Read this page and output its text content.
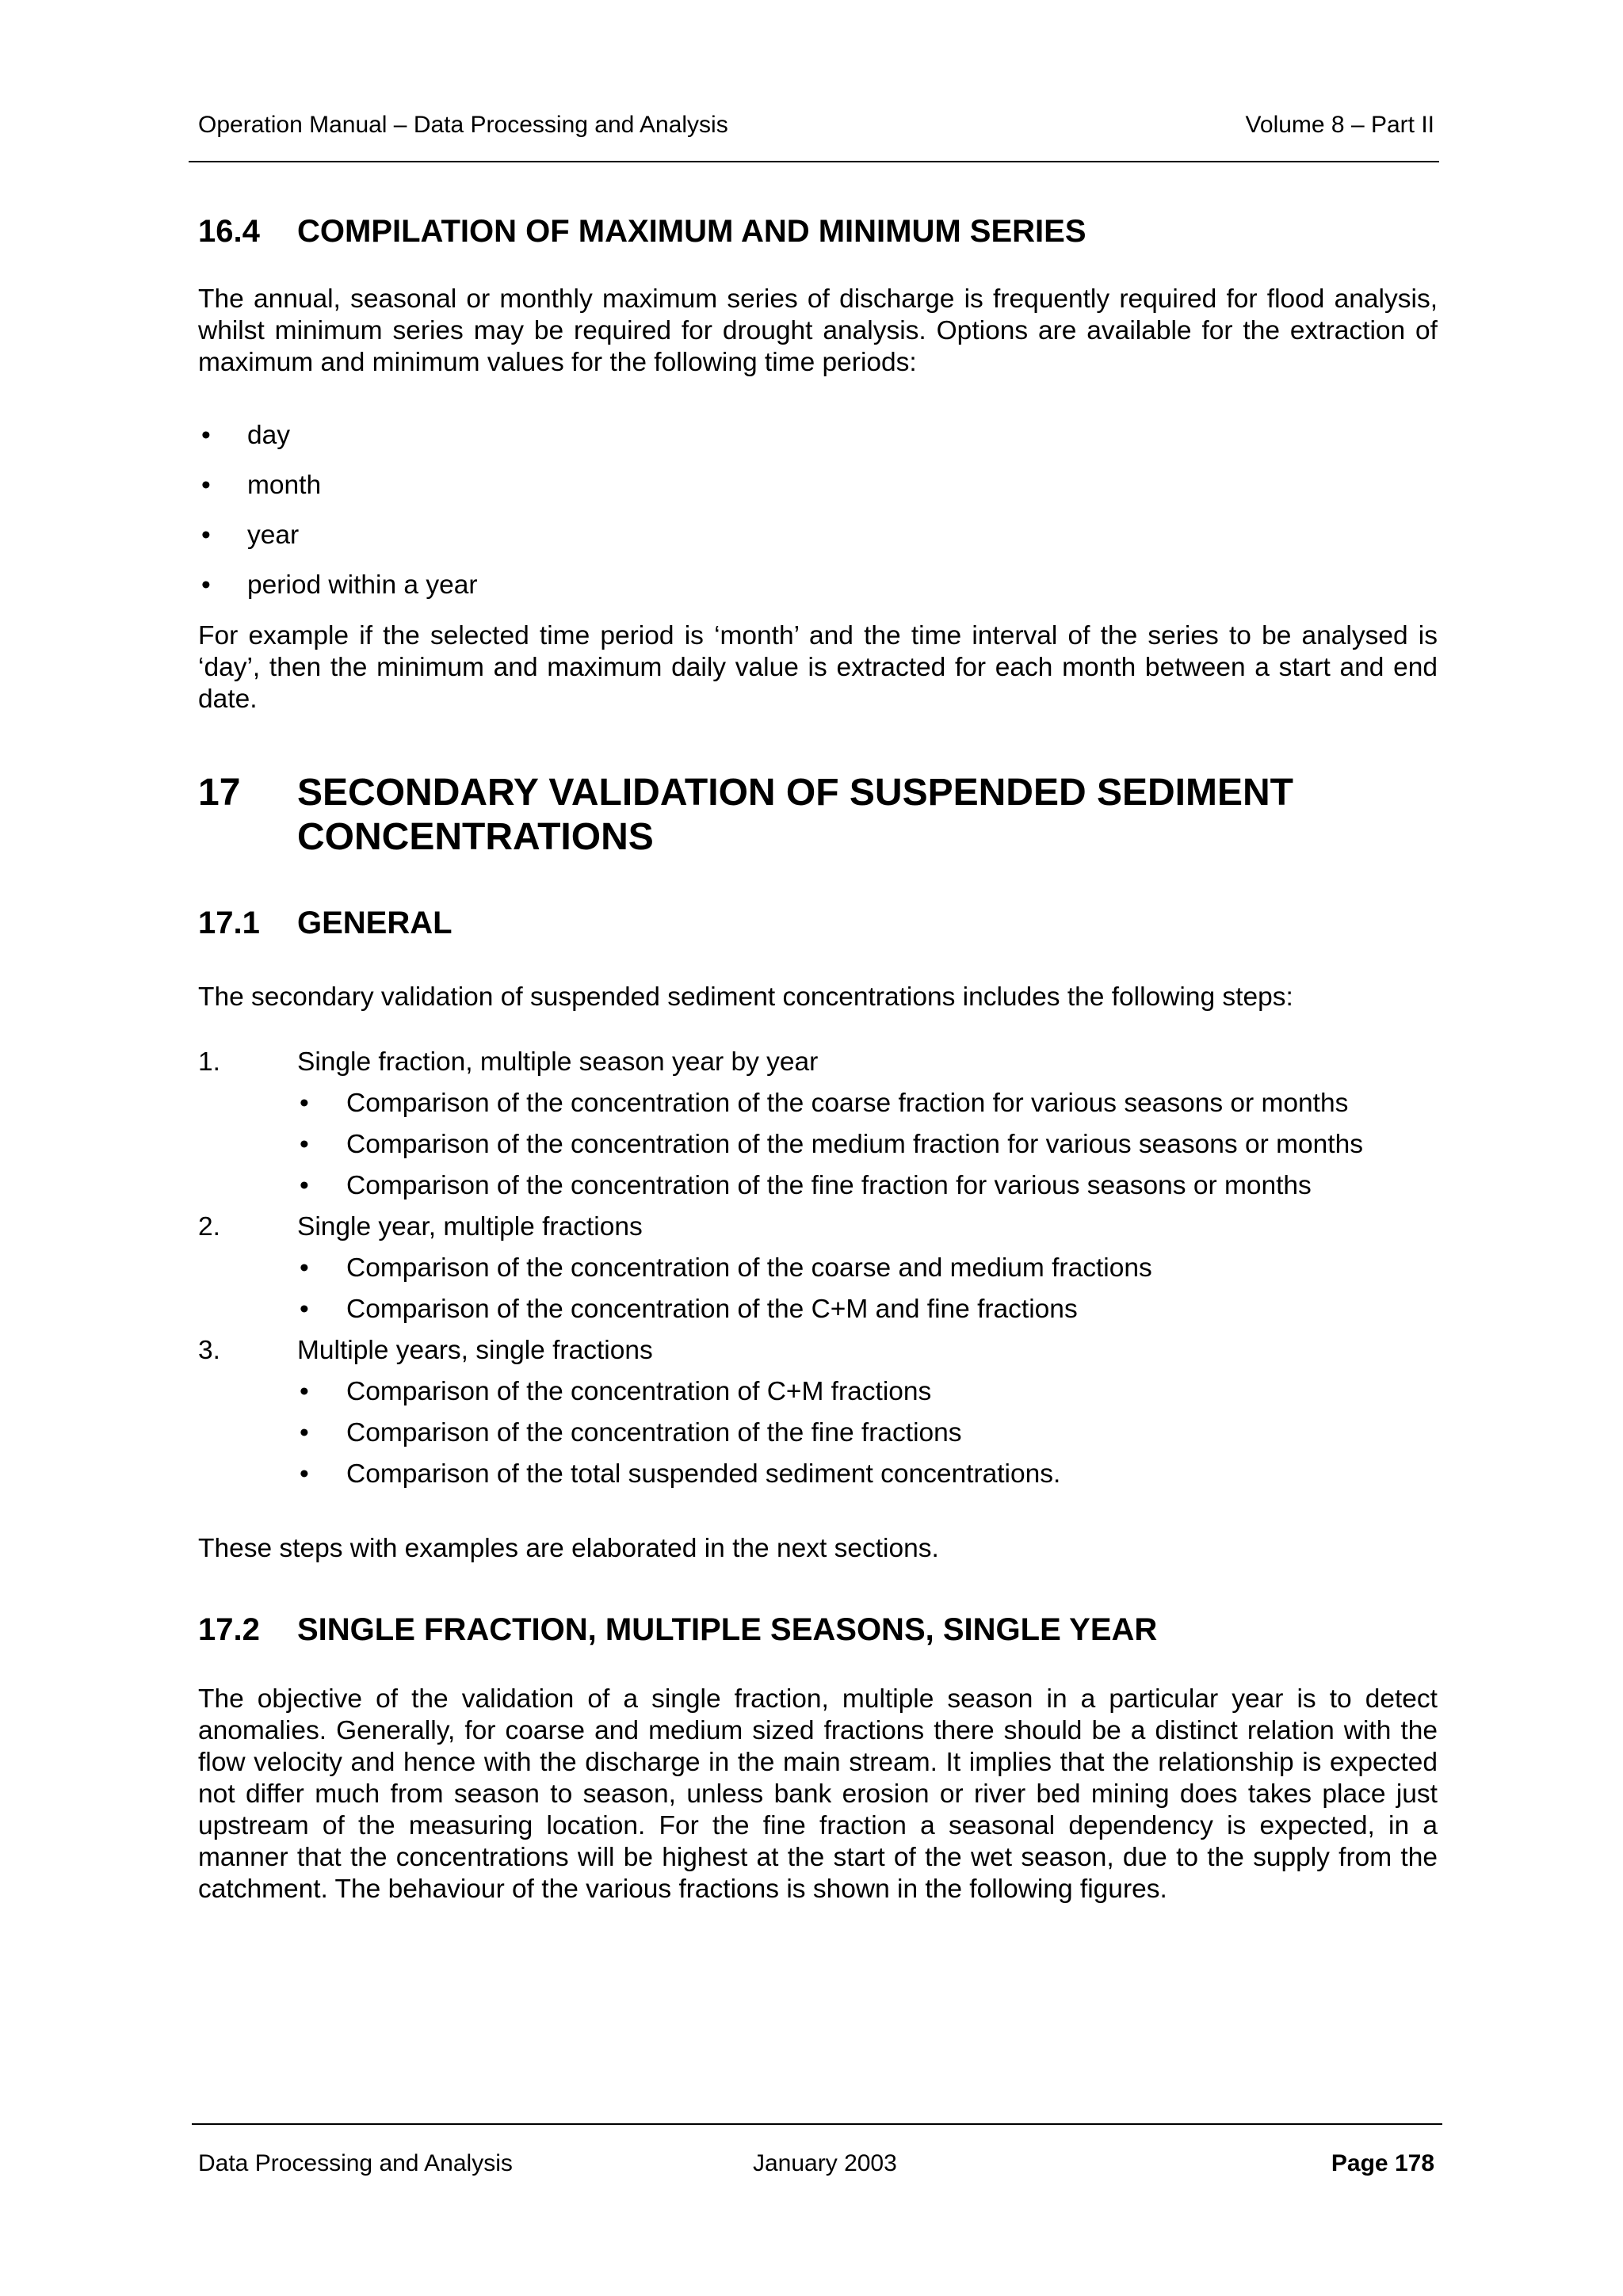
Operation Manual – Data Processing and Analysis	Volume 8 – Part II
16.4	COMPILATION OF MAXIMUM AND MINIMUM SERIES

The annual, seasonal or monthly maximum series of discharge is frequently required for flood analysis, whilst minimum series may be required for drought analysis. Options are available for the extraction of maximum and minimum values for the following time periods:

• day
• month
• year
• period within a year

For example if the selected time period is ‘month’ and the time interval of the series to be analysed is ‘day’, then the minimum and maximum daily value is extracted for each month between a start and end date.

17	SECONDARY VALIDATION OF SUSPENDED SEDIMENT
CONCENTRATIONS
17.1	GENERAL

The secondary validation of suspended sediment concentrations includes the following steps:

1.	Single fraction, multiple season year by year
• Comparison of the concentration of the coarse fraction for various seasons or months
• Comparison of the concentration of the medium fraction for various seasons or months
• Comparison of the concentration of the fine fraction for various seasons or months
2.	Single year, multiple fractions
• Comparison of the concentration of the coarse and medium fractions
• Comparison of the concentration of the C+M and fine fractions
3.	Multiple years, single fractions
• Comparison of the concentration of C+M fractions
• Comparison of the concentration of the fine fractions
• Comparison of the total suspended sediment concentrations.

These steps with examples are elaborated in the next sections.

17.2	SINGLE FRACTION, MULTIPLE SEASONS, SINGLE YEAR

The objective of the validation of a single fraction, multiple season in a particular year is to detect anomalies. Generally, for coarse and medium sized fractions there should be a distinct relation with the flow velocity and hence with the discharge in the main stream. It implies that the relationship is expected not differ much from season to season, unless bank erosion or river bed mining does takes place just upstream of the measuring location. For the fine fraction a seasonal dependency is expected, in a manner that the concentrations will be highest at the start of the wet season, due to the supply from the catchment. The behaviour of the various fractions is shown in the following figures.

Data Processing and Analysis	January 2003	Page 178
